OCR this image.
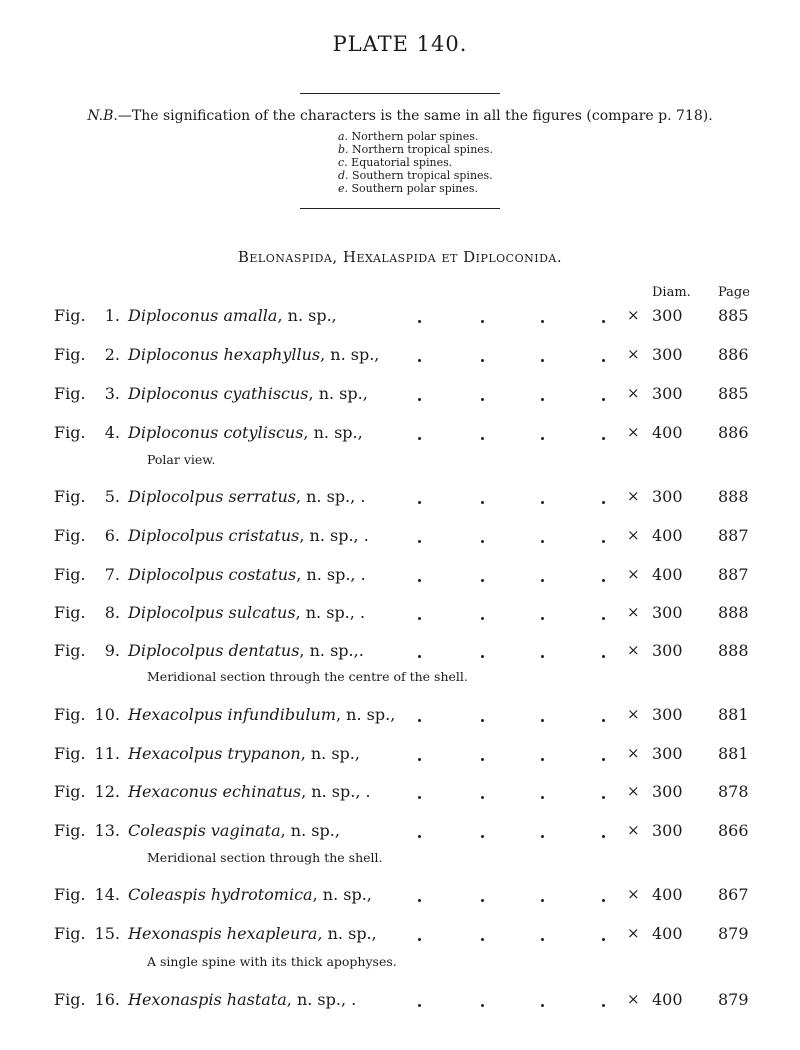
PLATE 140.
N.B.—The signification of the characters is the same in all the figures (compare p. 718).
a. Northern polar spines.
b. Northern tropical spines.
c. Equatorial spines.
d. Southern tropical spines.
e. Southern polar spines.
Belonaspida, Hexalaspida et Diploconida.
Diam. Page
Fig.	1. Diploconus amalla, n. sp.,	× 300 885
Fig.	2. Diploconus hexaphyllus, n. sp.,	× 300 886
Fig.	3. Diploconus cyathiscus, n. sp.,	× 300 885
Fig.	4. Diploconus cotyliscus, n. sp.,	× 400 886
Polar view.
Fig.	5. Diplocolpus serratus, n. sp., .	× 300 888
Fig.	6. Diplocolpus cristatus, n. sp., .	× 400 887
Fig.	7. Diplocolpus costatus, n. sp., .	× 400 887
Fig.	8. Diplocolpus sulcatus, n. sp., .	× 300 888
Fig.	9. Diplocolpus dentatus, n. sp.,.	× 300 888
Meridional section through the centre of the shell.
Fig. 10. Hexacolpus infundibulum, n. sp.,	× 300 881
Fig. 11. Hexacolpus trypanon, n. sp.,	× 300 881
Fig. 12. Hexaconus echinatus, n. sp., .	× 300 878
Fig. 13. Coleaspis vaginata, n. sp.,	× 300 866
Meridional section through the shell.
Fig. 14. Coleaspis hydrotomica, n. sp.,	× 400 867
Fig. 15. Hexonaspis hexapleura, n. sp.,	× 400 879
A single spine with its thick apophyses.
Fig. 16. Hexonaspis hastata, n. sp., .	× 400 879
